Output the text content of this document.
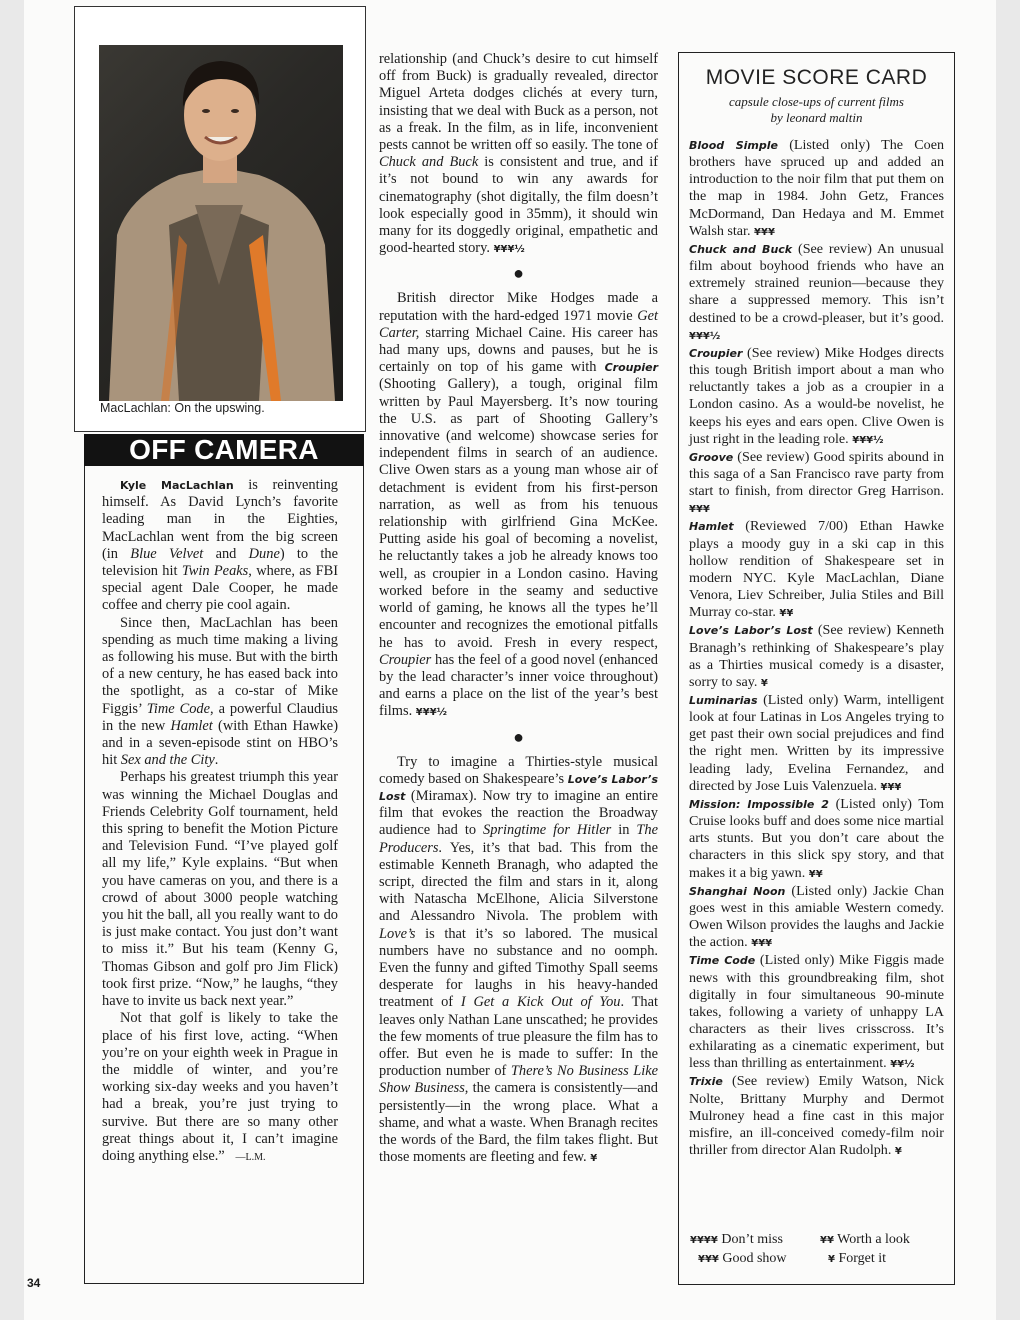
MacLachlan: On the upswing.
OFF CAMERA

Kyle MacLachlan is reinventing himself. As David Lynch’s favorite leading man in the Eighties, MacLachlan went from the big screen (in Blue Velvet and Dune) to the television hit Twin Peaks, where, as FBI special agent Dale Cooper, he made coffee and cherry pie cool again.

Since then, MacLachlan has been spending as much time making a living as following his muse. But with the birth of a new century, he has eased back into the spotlight, as a co-star of Mike Figgis’ Time Code, a powerful Claudius in the new Hamlet (with Ethan Hawke) and in a seven-episode stint on HBO’s hit Sex and the City.

Perhaps his greatest triumph this year was winning the Michael Douglas and Friends Celebrity Golf tournament, held this spring to benefit the Motion Picture and Television Fund. “I’ve played golf all my life,” Kyle explains. “But when you have cameras on you, and there is a crowd of about 3000 people watching you hit the ball, all you really want to do is just make contact. You just don’t want to miss it.” But his team (Kenny G, Thomas Gibson and golf pro Jim Flick) took first prize. “Now,” he laughs, “they have to invite us back next year.”

Not that golf is likely to take the place of his first love, acting. “When you’re on your eighth week in Prague in the middle of winter, and you’re working six-day weeks and you haven’t had a break, you’re just trying to survive. But there are so many other great things about it, I can’t imagine doing anything else.” —L.M.

relationship (and Chuck’s desire to cut himself off from Buck) is gradually revealed, director Miguel Arteta dodges clichés at every turn, insisting that we deal with Buck as a person, not as a freak. In the film, as in life, inconvenient pests cannot be written off so easily. The tone of Chuck and Buck is consistent and true, and if it’s not bound to win any awards for cinematography (shot digitally, the film doesn’t look especially good in 35mm), it should win many for its doggedly original, empathetic and good-hearted story. ¥¥¥½

●

British director Mike Hodges made a reputation with the hard-edged 1971 movie Get Carter, starring Michael Caine. His career has had many ups, downs and pauses, but he is certainly on top of his game with Croupier (Shooting Gallery), a tough, original film written by Paul Mayersberg. It’s now touring the U.S. as part of Shooting Gallery’s innovative (and welcome) showcase series for independent films in search of an audience. Clive Owen stars as a young man whose air of detachment is evident from his first-person narration, as well as from his tenuous relationship with girlfriend Gina McKee. Putting aside his goal of becoming a novelist, he reluctantly takes a job he already knows too well, as croupier in a London casino. Having worked before in the seamy and seductive world of gaming, he knows all the types he’ll encounter and recognizes the emotional pitfalls he has to avoid. Fresh in every respect, Croupier has the feel of a good novel (enhanced by the lead character’s inner voice throughout) and earns a place on the list of the year’s best films. ¥¥¥½

●

Try to imagine a Thirties-style musical comedy based on Shakespeare’s Love’s Labor’s Lost (Miramax). Now try to imagine an entire film that evokes the reaction the Broadway audience had to Springtime for Hitler in The Producers. Yes, it’s that bad. This from the estimable Kenneth Branagh, who adapted the script, directed the film and stars in it, along with Natascha McElhone, Alicia Silverstone and Alessandro Nivola. The problem with Love’s is that it’s so labored. The musical numbers have no substance and no oomph. Even the funny and gifted Timothy Spall seems desperate for laughs in his heavy-handed treatment of I Get a Kick Out of You. That leaves only Nathan Lane unscathed; he provides the few moments of true pleasure the film has to offer. But even he is made to suffer: In the production number of There’s No Business Like Show Business, the camera is consistently—and persistently—in the wrong place. What a shame, and what a waste. When Branagh recites the words of the Bard, the film takes flight. But those moments are fleeting and few. ¥

MOVIE SCORE CARD
capsule close-ups of current films
by leonard maltin

Blood Simple (Listed only) The Coen brothers have spruced up and added an introduction to the noir film that put them on the map in 1984. John Getz, Frances McDormand, Dan Hedaya and M. Emmet Walsh star. ¥¥¥

Chuck and Buck (See review) An unusual film about boyhood friends who have an extremely strained reunion—because they share a suppressed memory. This isn’t destined to be a crowd-pleaser, but it’s good. ¥¥¥½

Croupier (See review) Mike Hodges directs this tough British import about a man who reluctantly takes a job as a croupier in a London casino. As a would-be novelist, he keeps his eyes and ears open. Clive Owen is just right in the leading role. ¥¥¥½

Groove (See review) Good spirits abound in this saga of a San Francisco rave party from start to finish, from director Greg Harrison. ¥¥¥

Hamlet (Reviewed 7/00) Ethan Hawke plays a moody guy in a ski cap in this hollow rendition of Shakespeare set in modern NYC. Kyle MacLachlan, Diane Venora, Liev Schreiber, Julia Stiles and Bill Murray co-star. ¥¥

Love’s Labor’s Lost (See review) Kenneth Branagh’s rethinking of Shakespeare’s play as a Thirties musical comedy is a disaster, sorry to say. ¥

Luminarias (Listed only) Warm, intelligent look at four Latinas in Los Angeles trying to get past their own social prejudices and find the right men. Written by its impressive leading lady, Evelina Fernandez, and directed by Jose Luis Valenzuela. ¥¥¥

Mission: Impossible 2 (Listed only) Tom Cruise looks buff and does some nice martial arts stunts. But you don’t care about the characters in this slick spy story, and that makes it a big yawn. ¥¥

Shanghai Noon (Listed only) Jackie Chan goes west in this amiable Western comedy. Owen Wilson provides the laughs and Jackie the action. ¥¥¥

Time Code (Listed only) Mike Figgis made news with this groundbreaking film, shot digitally in four simultaneous 90-minute takes, following a variety of unhappy LA characters as their lives crisscross. It’s exhilarating as a cinematic experiment, but less than thrilling as entertainment. ¥¥½

Trixie (See review) Emily Watson, Nick Nolte, Brittany Murphy and Dermot Mulroney head a fine cast in this major misfire, an ill-conceived comedy-film noir thriller from director Alan Rudolph. ¥

¥¥¥¥ Don’t miss	¥¥ Worth a look
¥¥¥ Good show	¥ Forget it
34
